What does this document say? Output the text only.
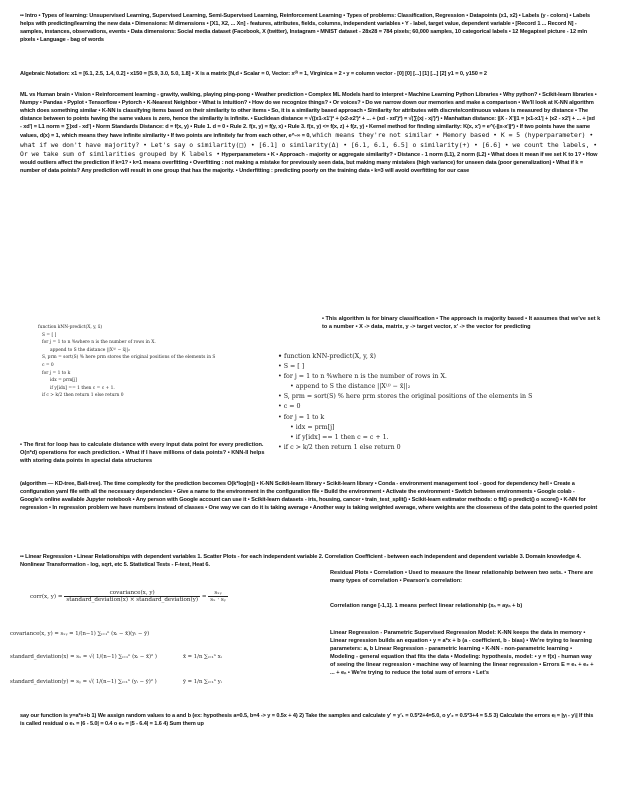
•• Intro • Types of learning: Unsupervised Learning, Supervised Learning, Semi-Supervised Learning, Reinforcement Learning • Types of problems: Classification, Regression • Datapoints (x1, x2) • Labels (y - colors) • Labels helps with predicting/learning the new data • Dimensions: M dimensions • [X1, X2, ... Xn] - features, attributes, fields, columns, independent variables • Y - label, target value, dependent variable • [Record 1 ... Record N] - samples, instances, observations, events • Data dimensions: Social media dataset (Facebook, X (twitter), Instagram • MNIST dataset - 28x28 = 784 pixels; 60,000 samples, 10 categorical labels • 12 Megapixel picture - 12 mln pixels • Language - bag of words
Algebraic Notation: x1 = [6.1, 2.5, 1.4, 0.2] • x150 = [5.9, 3.0, 5.0, 1.8] • X is a matrix [N,d • Scalar = 0, Vector: x⁽ⁱ⁾ = 1, Virginica = 2 • y = column vector - [0] [0] [...] [1] [...] [2] y1 = 0, y150 = 2
ML vs Human brain • Vision • Reinforcement learning - gravity, walking, playing ping-pong • Weather prediction • Complex ML Models hard to interpret • Machine Learning Python Libraries • Why python? • Scikit-learn libraries • Numpy • Pandas • Pyplot • Tensorflow • Pytorch • K-Nearest Neighbor • What is intuition? • How do we recognize things? • Or voices? • Do we narrow down our memories and make a comparison • We'll look at K-NN algorithm which does something similar • K-NN is classifying items based on their similarity to other items • So, it is a similarity based approach • Similarity for attributes with discrete/continuous values is measured by distance • The distance between to points having the same values is zero, hence the similarity is infinite. • Euclidean distance = √((x1-x1')² + (x2-x2')² + ... + (xd - xd')²) = √(∑(xj - xj')²) • Manhattan distance: ||X - X'||1 = |x1-x1'| + |x2 - x2'| + ... + |xd - xd'| = L1 norm = ∑|xd - xd'| • Norm Standards Distance: d = f(x, y) • Rule 1. d = 0 • Rule 2. f(x, y) = f(y, x) • Rule 3. f(x, y) <= f(x, z) + f(z, y) • Kernel method for finding similarity: K(x, x') = e^(-||x-x'||²) • If two points have the same values, d(x) = 1, which means they have infinite similarity • If two points are infinitely far from each other, e^-∞ = 0, which means they're not similar • Memory based • K = 5 (hyperparameter) • what if we don't have majority? • Let's say o similarity(□) • [6.1] o similarity(Δ) • [6.1, 6.1, 6.5] o similarity(+) • [6.6] • we count the labels, • Or we take sum of similarities grouped by K labels • Hyperparameters • K • Approach - majority or aggregate similarity? • Distance - 1 norm (L1), 2 norm (L2) • What does it mean if we set K to 1? • How would outliers affect the prediction if k=1? • k=1 means overfitting • Overfitting : not making a mistake for previously seen data, but making many mistakes (high variance) for unseen data (poor generalization) • What if k = number of data points? Any prediction will result in one group that has the majority. • Underfitting : predicting poorly on the training data • k=3 will avoid overfitting for our case
function kNN-predict(X, y, x̄)
S = [ ]
for j = 1 to n %where n is the number of rows in X.
append to S the distance ||X⁽ʲ⁾ − x̄||₂
S, prm = sort(S) % here prm stores the original positions of the elements in S
c = 0
for j = 1 to k
idx = prm[j]
if y[idx] == 1 then c = c + 1.
if c > k/2 then return 1 else return 0
• This algorithm is for binary classification • The approach is majority based • It assumes that we've set k to a number • X -> data, matrix, y -> target vector, x' -> the vector for predicting
• function kNN-predict(X, y, x̄)
• S = [ ]
• for j = 1 to n %where n is the number of rows in X.
• append to S the distance ||X⁽ʲ⁾ − x̄||₂
• S, prm = sort(S) % here prm stores the original positions of the elements in S
• c = 0
• for j = 1 to k
• idx = prm[j]
• if y[idx] == 1 then c = c + 1.
• if c > k/2 then return 1 else return 0
• The first for loop has to calculate distance with every input data point for every prediction. O(n*d) operations for each prediction. • What if I have millions of data points? • KNN-II helps with storing data points in special data structures
(algorithm — KD-tree, Ball-tree). The time complexity for the prediction becomes O(k*log(n)) • K-NN Scikit-learn library • Scikit-learn library • Conda - environment management tool - good for dependency hell • Create a configuration yaml file with all the necessary dependencies • Give a name to the environment in the configuration file • Build the environment • Activate the environment • Switch between environments • Google colab - Google's online available Jupyter notebook • Any person with Google account can use it • Scikit-learn datasets - iris, housing, cancer • train_test_split() • Scikit-learn estimator methods: o fit() o predict() o score() • K-NN for regression • In regression problem we have numbers instead of classes • One way we can do it is taking average • Another way is taking weighted average, where weights are the closeness of the data point to the queried point
•• Linear Regression • Linear Relationships with dependent variables 1. Scatter Plots - for each independent variable 2. Correlation Coefficient - between each independent and dependent variable 3. Domain knowledge 4. Nonlinear Transformation - log, sqrt, etc 5. Statistical Tests - F-test, Heat 6.
corr(x, $y) = \frac{\text{covariance(x, y)}}{\text{standard\_deviation(x) × standard\_deviation(y)}} = \frac{\text{sₓᵧ}}{\text{sₓ · sᵧ}}$
covariance(x, y) = sₓᵧ = 1/(n−1) ∑ᵢ₌₁ⁿ (xᵢ − x̄)(yᵢ − ȳ)
standard_deviation(x) = sₓ = √( 1/(n−1) ∑ᵢ₌₁ⁿ (xᵢ − x̄)² )	x̄ = 1/n ∑ᵢ₌₁ⁿ xᵢ
standard_deviation(y) = sᵧ = √( 1/(n−1) ∑ᵢ₌₁ⁿ (yᵢ − ȳ)² )	ȳ = 1/n ∑ᵢ₌₁ⁿ yᵢ
Residual Plots • Correlation • Used to measure the linear relationship between two sets. • There are many types of correlation • Pearson's correlation:
Correlation range [-1,1]. 1 means perfect linear relationship (xₙ = ayₙ + b)
Linear Regression - Parametric Supervised Regression Model: K-NN keeps the data in memory • Linear regression builds an equation • y = a*x + b (a - coefficient, b - bias) • We're trying to learning parameters: a, b Linear Regression - parametric learning • K-NN - non-parametric learning • Modeling - general equation that fits the data • Modeling: hypothesis, model: • y = f(x) - human way of seeing the linear regression • machine way of learning the linear regression • Errors E = e₁ + e₂ + ... + eₙ • We're trying to reduce the total sum of errors • Let's
say our function is y=a*x+b 1) We assign random values to a and b (ex: hypothesis a=0.5, b=4 -> y = 0.5x + 4) 2) Take the samples and calculate y' = y'₁ = 0.5*2+4=5.0, o y'₂ = 0.5*3+4 = 5.5 3) Calculate the errors eᵢ = |yᵢ - y'ᵢ| If this is called residual o e₁ = |6 - 5.0| = 0.4 o e₂ = |5 - 6.4| = 1.6 4) Sum them up
